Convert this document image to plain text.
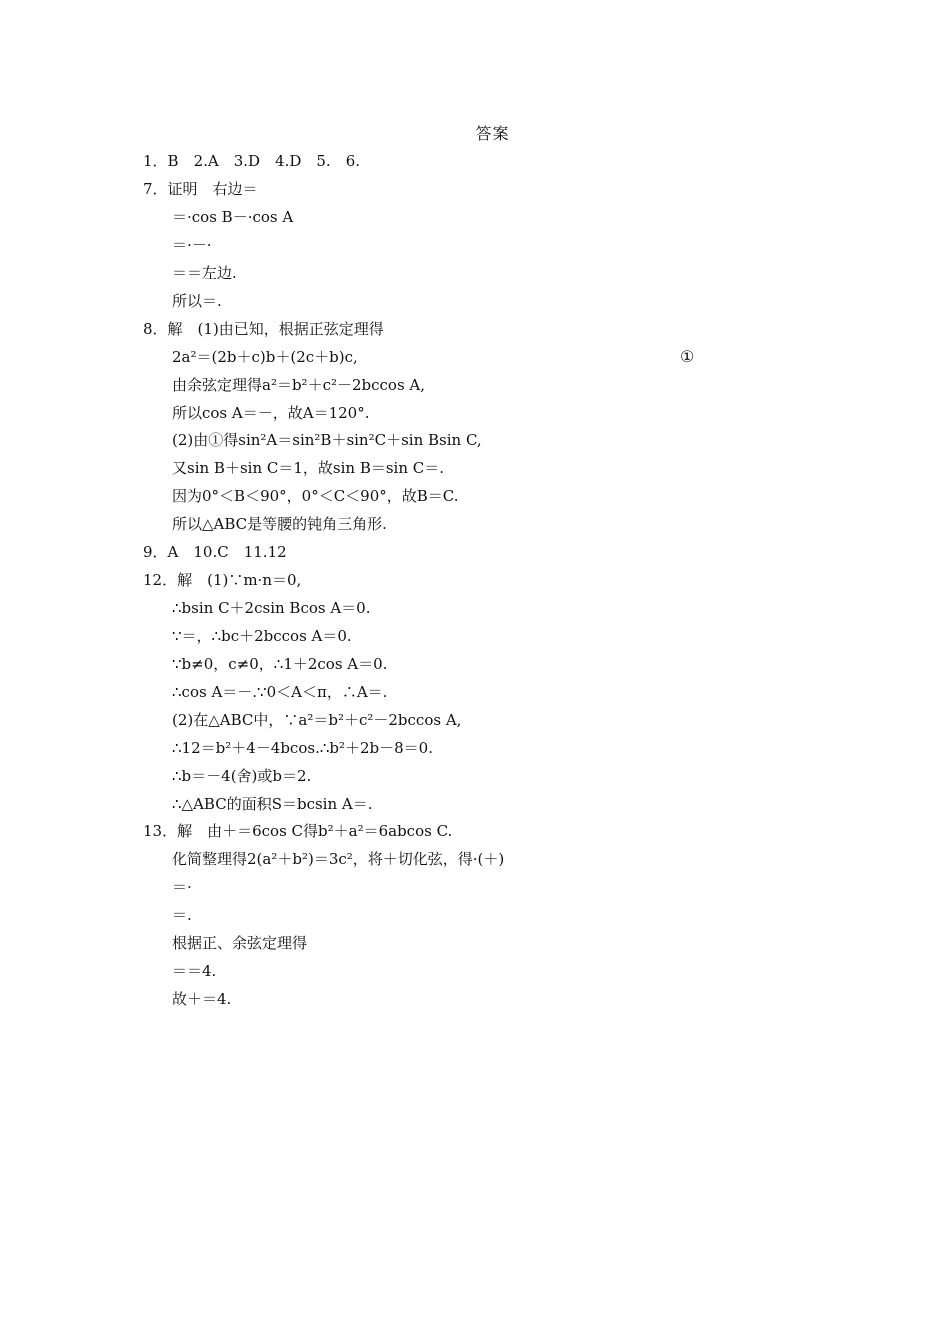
答案
1．B　2.A　3.D　4.D　5.　6.
7．证明　右边＝
＝·cos B－·cos A
＝·－·
＝＝左边.
所以＝.
8．解　(1)由已知，根据正弦定理得
2a²＝(2b＋c)b＋(2c＋b)c,	①
由余弦定理得a²＝b²＋c²－2bccos A,
所以cos A＝－，故A＝120°.
(2)由①得sin²A＝sin²B＋sin²C＋sin Bsin C,
又sin B＋sin C＝1，故sin B＝sin C＝.
因为0°＜B＜90°，0°＜C＜90°，故B＝C.
所以△ABC是等腰的钝角三角形.
9．A　10.C　11.12
12．解　(1)∵m·n＝0,
∴bsin C＋2csin Bcos A＝0.
∵＝，∴bc＋2bccos A＝0.
∵b≠0，c≠0，∴1＋2cos A＝0.
∴cos A＝－.∵0＜A＜π，∴A＝.
(2)在△ABC中，∵a²＝b²＋c²－2bccos A,
∴12＝b²＋4－4bcos.∴b²＋2b－8＝0.
∴b＝－4(舍)或b＝2.
∴△ABC的面积S＝bcsin A＝.
13．解　由＋＝6cos C得b²＋a²＝6abcos C.
化简整理得2(a²＋b²)＝3c²，将＋切化弦，得·(＋)
＝·
＝.
根据正、余弦定理得
＝＝4.
故＋＝4.
